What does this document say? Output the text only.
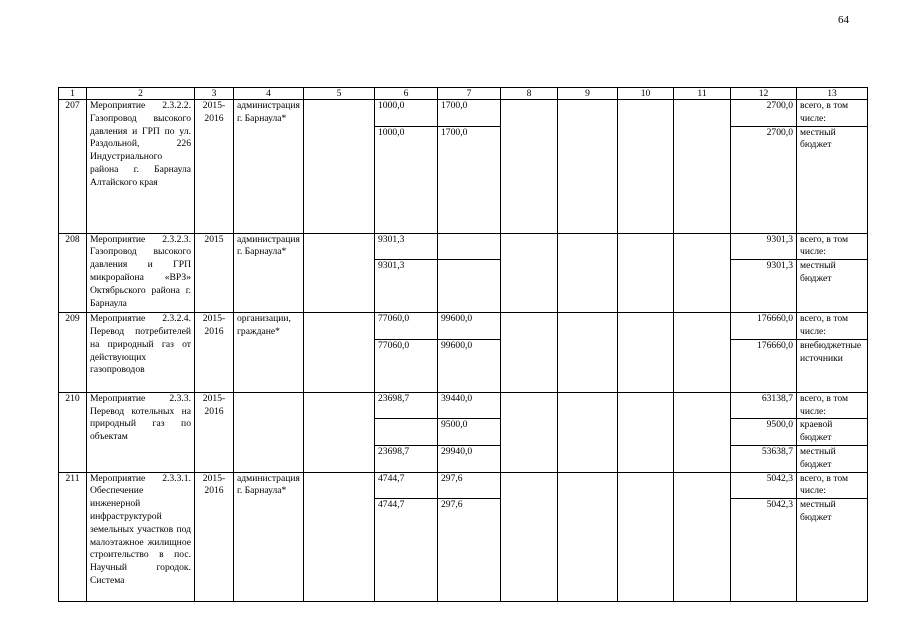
64
1	2	3	4	5	6	7	8	9	10	11	12	13
207	Мероприятие 2.3.2.2. Газопровод высокого давления и ГРП по ул. Раздольной, 226 Индустриального района г. Барнаула Алтайского края	2015-2016	администрация г. Барнаула*		1000,0	1700,0					2700,0	всего, в том числе:
					1000,0	1700,0					2700,0	местный бюджет
208	Мероприятие 2.3.2.3. Газопровод высокого давления и ГРП микрорайона «ВРЗ» Октябрьского района г. Барнаула	2015	администрация г. Барнаула*		9301,3						9301,3	всего, в том числе:
					9301,3						9301,3	местный бюджет
209	Мероприятие 2.3.2.4. Перевод потребителей на природный газ от действующих газопроводов	2015-2016	организации, граждане*		77060,0	99600,0					176660,0	всего, в том числе:
					77060,0	99600,0					176660,0	внебюджетные источники
210	Мероприятие 2.3.3. Перевод котельных на природный газ по объектам	2015-2016			23698,7	39440,0					63138,7	всего, в том числе:
						9500,0					9500,0	краевой бюджет
					23698,7	29940,0					53638,7	местный бюджет
211	Мероприятие 2.3.3.1. Обеспечение инженерной инфраструктурой земельных участков под малоэтажное жилищное строительство в пос. Научный городок. Система	2015-2016	администрация г. Барнаула*		4744,7	297,6					5042,3	всего, в том числе:
					4744,7	297,6					5042,3	местный бюджет
